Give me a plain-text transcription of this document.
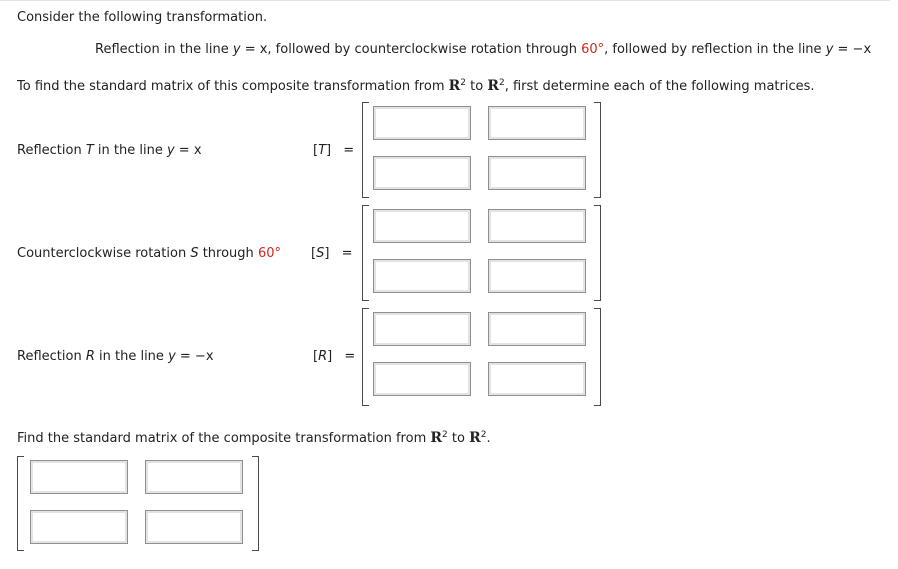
Consider the following transformation.
Reflection in the line y = x, followed by counterclockwise rotation through 60°, followed by reflection in the line y = −x
To find the standard matrix of this composite transformation from $R^2$ to $R^2$, first determine each of the following matrices.
Reflection T in the line y = x	[T] =
Counterclockwise rotation S through 60° [S] =
Reflection R in the line y = −x	[R] =
Find the standard matrix of the composite transformation from $R^2$ to $R^2$.
